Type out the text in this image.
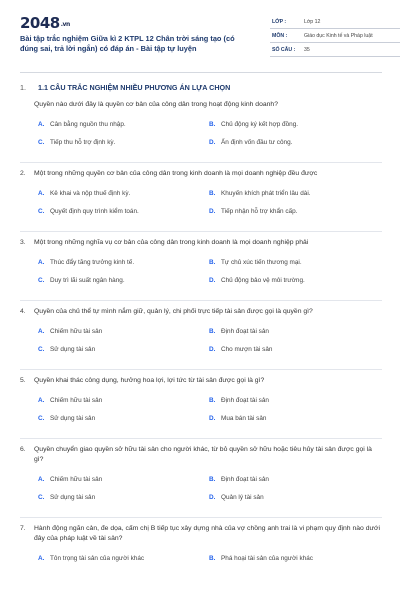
2048.vn
Bài tập trắc nghiệm Giữa kì 2 KTPL 12 Chân trời sáng tạo (có đúng sai, trả lời ngắn) có đáp án - Bài tập tự luyện
LỚP :	Lớp 12
MÔN :	Giáo dục Kinh tế và Pháp luật
SỐ CÂU : 35
1. 1.1 CÂU TRẮC NGHIỆM NHIỀU PHƯƠNG ÁN LỰA CHỌN
Quyền nào dưới đây là quyền cơ bản của công dân trong hoạt động kinh doanh?
A. Cân bằng nguồn thu nhập.	B. Chủ động ký kết hợp đồng.
C. Tiếp thu hỗ trợ định kỳ.	D. Ấn định vốn đầu tư công.
2. Một trong những quyền cơ bản của công dân trong kinh doanh là mọi doanh nghiệp đều được
A. Kê khai và nộp thuế định kỳ.	B. Khuyến khích phát triển lâu dài.
C. Quyết định quy trình kiểm toán.	D. Tiếp nhận hỗ trợ khẩn cấp.
3. Một trong những nghĩa vụ cơ bản của công dân trong kinh doanh là mọi doanh nghiệp phải
A. Thúc đẩy tăng trưởng kinh tế.	B. Tự chủ xúc tiến thương mại.
C. Duy trì lãi suất ngân hàng.	D. Chủ động bảo vệ môi trường.
4. Quyền của chủ thể tự mình nắm giữ, quản lý, chi phối trực tiếp tài sản được gọi là quyền gì?
A. Chiếm hữu tài sản	B. Định đoạt tài sản
C. Sử dụng tài sản	D. Cho mượn tài sản
5. Quyền khai thác công dụng, hưởng hoa lợi, lợi tức từ tài sản được gọi là gì?
A. Chiếm hữu tài sản	B. Định đoạt tài sản
C. Sử dụng tài sản	D. Mua bán tài sản
6. Quyền chuyển giao quyền sở hữu tài sản cho người khác, từ bỏ quyền sở hữu hoặc tiêu hủy tài sản được gọi là gì?
A. Chiếm hữu tài sản	B. Định đoạt tài sản
C. Sử dụng tài sản	D. Quản lý tài sản
7. Hành động ngăn cản, đe dọa, cấm chị B tiếp tục xây dựng nhà của vợ chồng anh trai là vi phạm quy định nào dưới đây của pháp luật về tài sản?
A. Tôn trọng tài sản của người khác	B. Phá hoại tài sản của người khác
